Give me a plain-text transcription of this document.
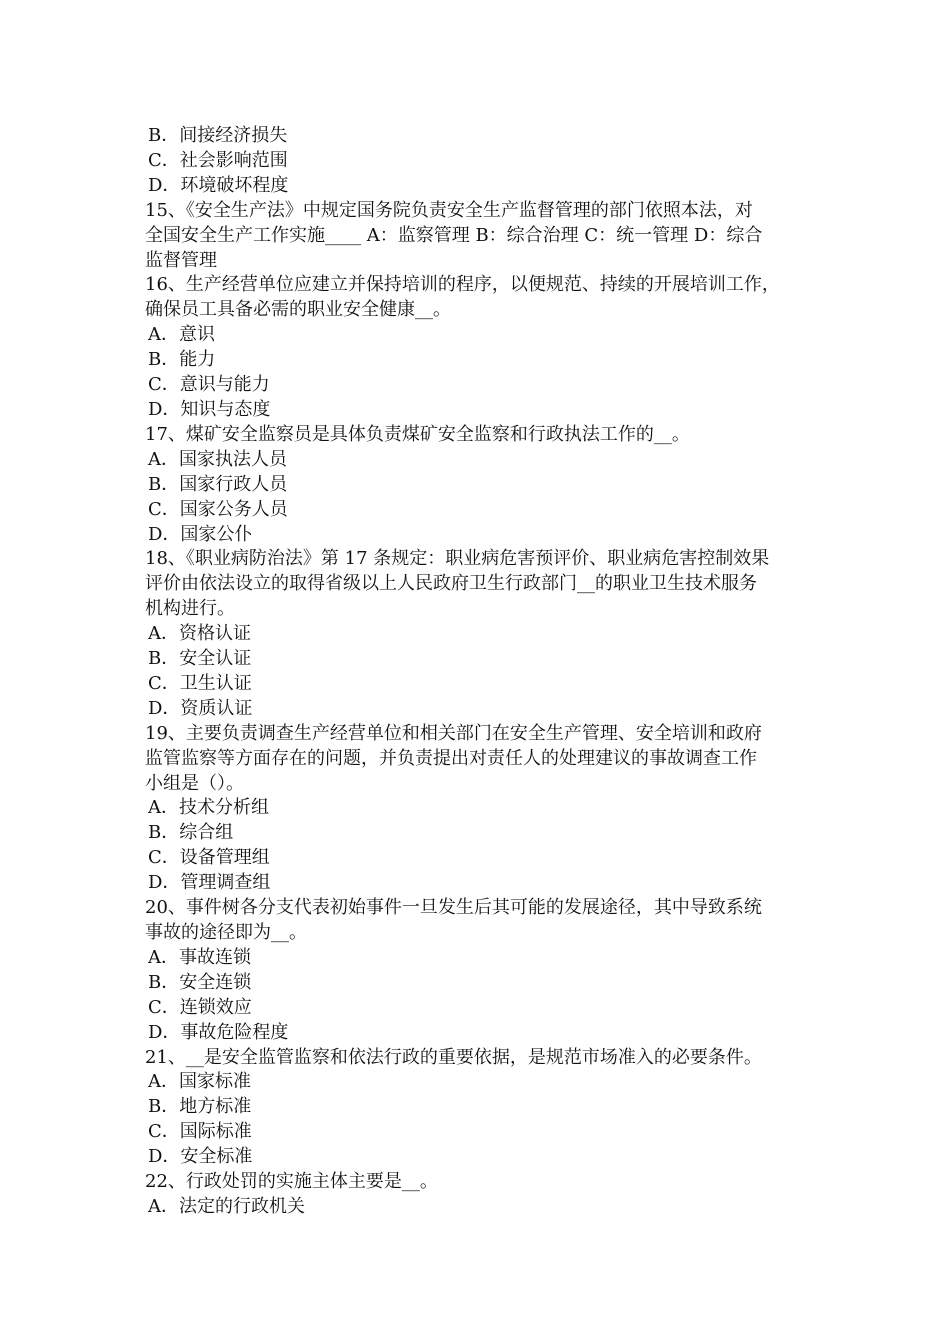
B．间接经济损失
C．社会影响范围
D．环境破坏程度
15、《安全生产法》中规定国务院负责安全生产监督管理的部门依照本法，对
全国安全生产工作实施____ A：监察管理 B：综合治理 C：统一管理 D：综合
监督管理
16、生产经营单位应建立并保持培训的程序，以便规范、持续的开展培训工作，
确保员工具备必需的职业安全健康__。
A．意识
B．能力
C．意识与能力
D．知识与态度
17、煤矿安全监察员是具体负责煤矿安全监察和行政执法工作的__。
A．国家执法人员
B．国家行政人员
C．国家公务人员
D．国家公仆
18、《职业病防治法》第 17 条规定：职业病危害预评价、职业病危害控制效果
评价由依法设立的取得省级以上人民政府卫生行政部门__的职业卫生技术服务
机构进行。
A．资格认证
B．安全认证
C．卫生认证
D．资质认证
19、主要负责调查生产经营单位和相关部门在安全生产管理、安全培训和政府
监管监察等方面存在的问题，并负责提出对责任人的处理建议的事故调查工作
小组是（）。
A．技术分析组
B．综合组
C．设备管理组
D．管理调查组
20、事件树各分支代表初始事件一旦发生后其可能的发展途径，其中导致系统
事故的途径即为__。
A．事故连锁
B．安全连锁
C．连锁效应
D．事故危险程度
21、__是安全监管监察和依法行政的重要依据，是规范市场准入的必要条件。
A．国家标准
B．地方标准
C．国际标准
D．安全标准
22、行政处罚的实施主体主要是__。
A．法定的行政机关
